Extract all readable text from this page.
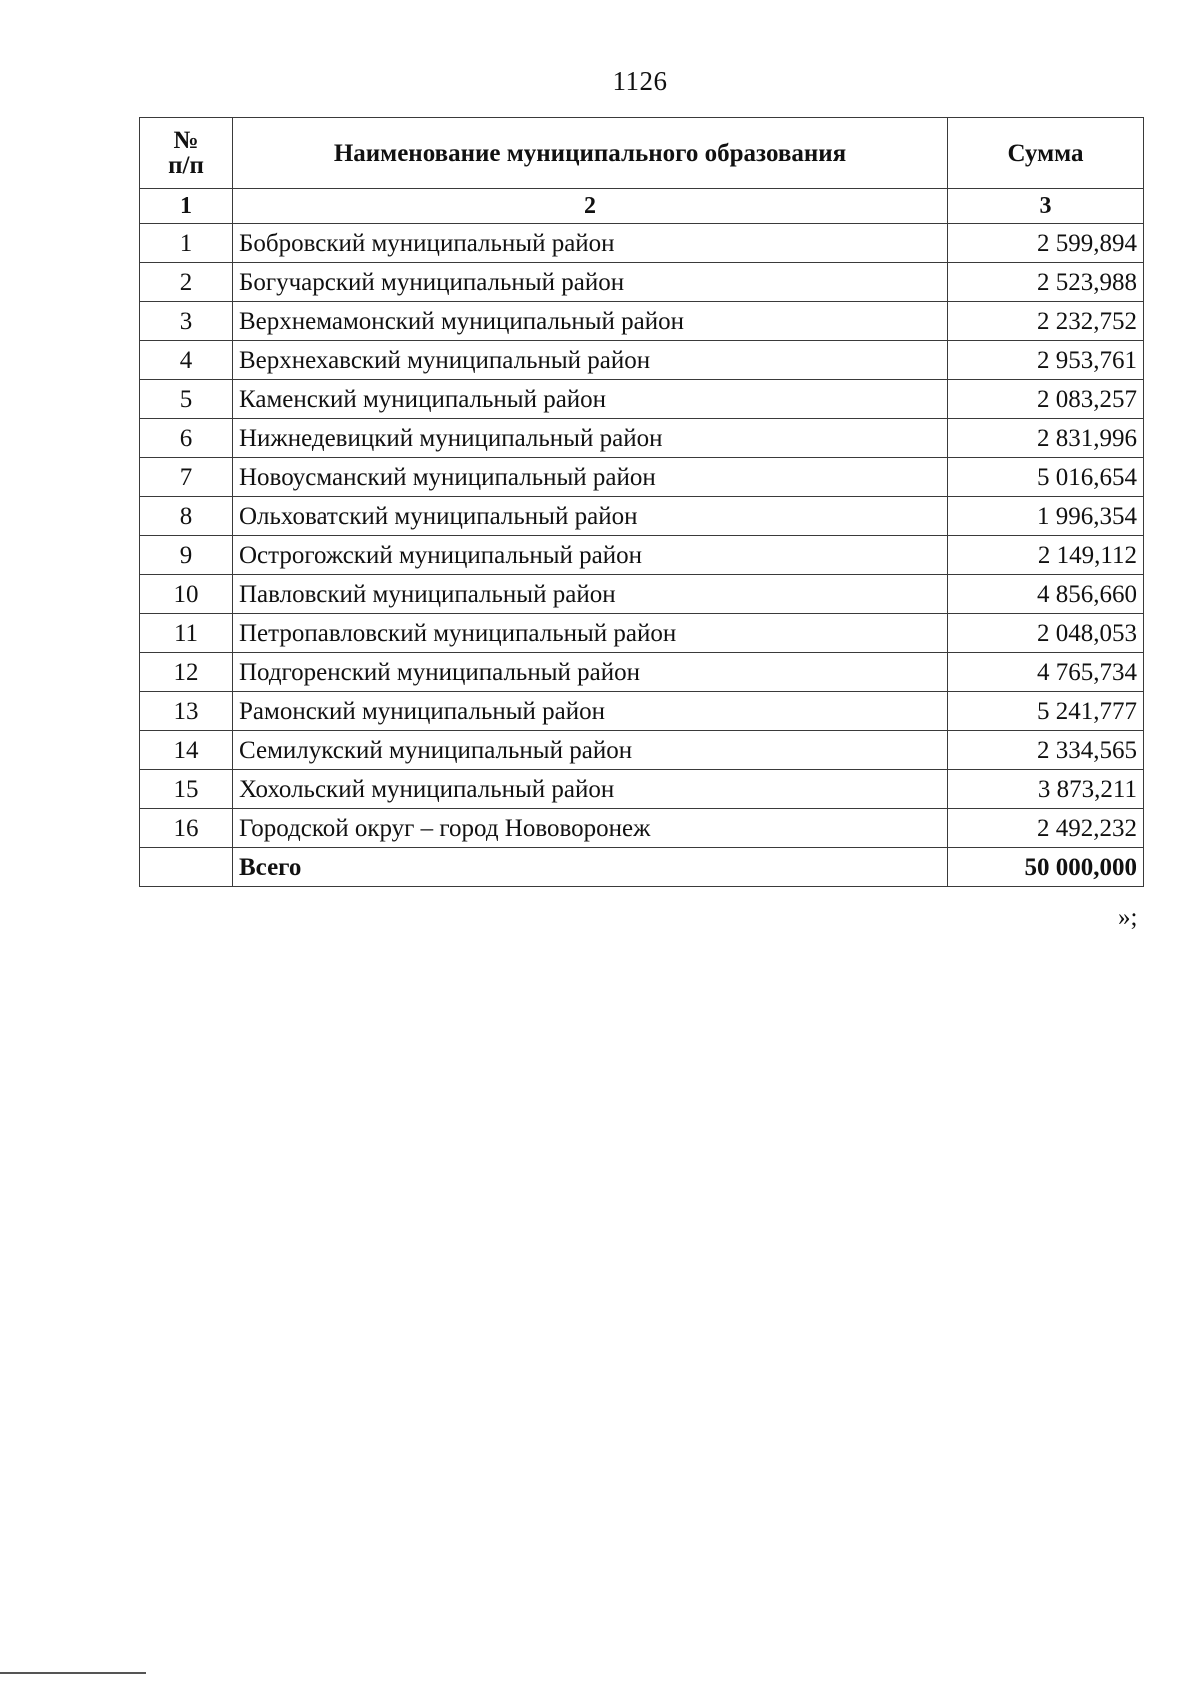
1126
№
п/п	Наименование муниципального образования	Сумма
1	2	3
1	Бобровский муниципальный район	2 599,894
2	Богучарский муниципальный район	2 523,988
3	Верхнемамонский муниципальный район	2 232,752
4	Верхнехавский муниципальный район	2 953,761
5	Каменский муниципальный район	2 083,257
6	Нижнедевицкий муниципальный район	2 831,996
7	Новоусманский муниципальный район	5 016,654
8	Ольховатский муниципальный район	1 996,354
9	Острогожский муниципальный район	2 149,112
10	Павловский муниципальный район	4 856,660
11	Петропавловский муниципальный район	2 048,053
12	Подгоренский муниципальный район	4 765,734
13	Рамонский муниципальный район	5 241,777
14	Семилукский муниципальный район	2 334,565
15	Хохольский муниципальный район	3 873,211
16	Городской округ – город Нововоронеж	2 492,232
	Всего	50 000,000
»;
